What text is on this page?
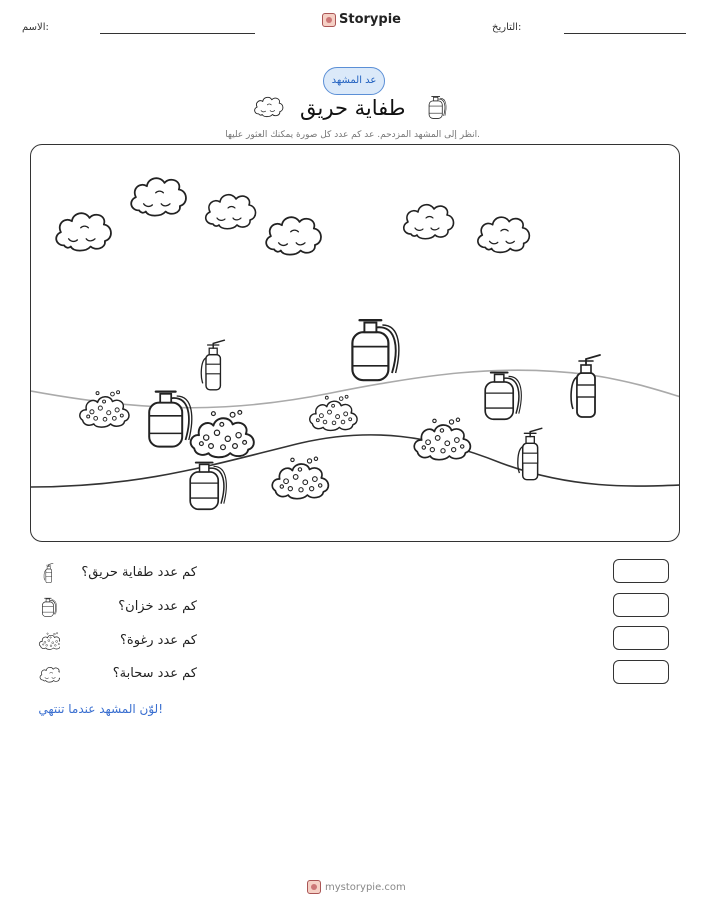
الاسم:
Storypie
التاريخ:
عد المشهد
طفاية حريق
انظر إلى المشهد المزدحم. عد كم عدد كل صورة يمكنك العثور عليها.
كم عدد طفاية حريق؟
كم عدد خزان؟
كم عدد رغوة؟
كم عدد سحابة؟
لوّن المشهد عندما تنتهي!
mystorypie.com
